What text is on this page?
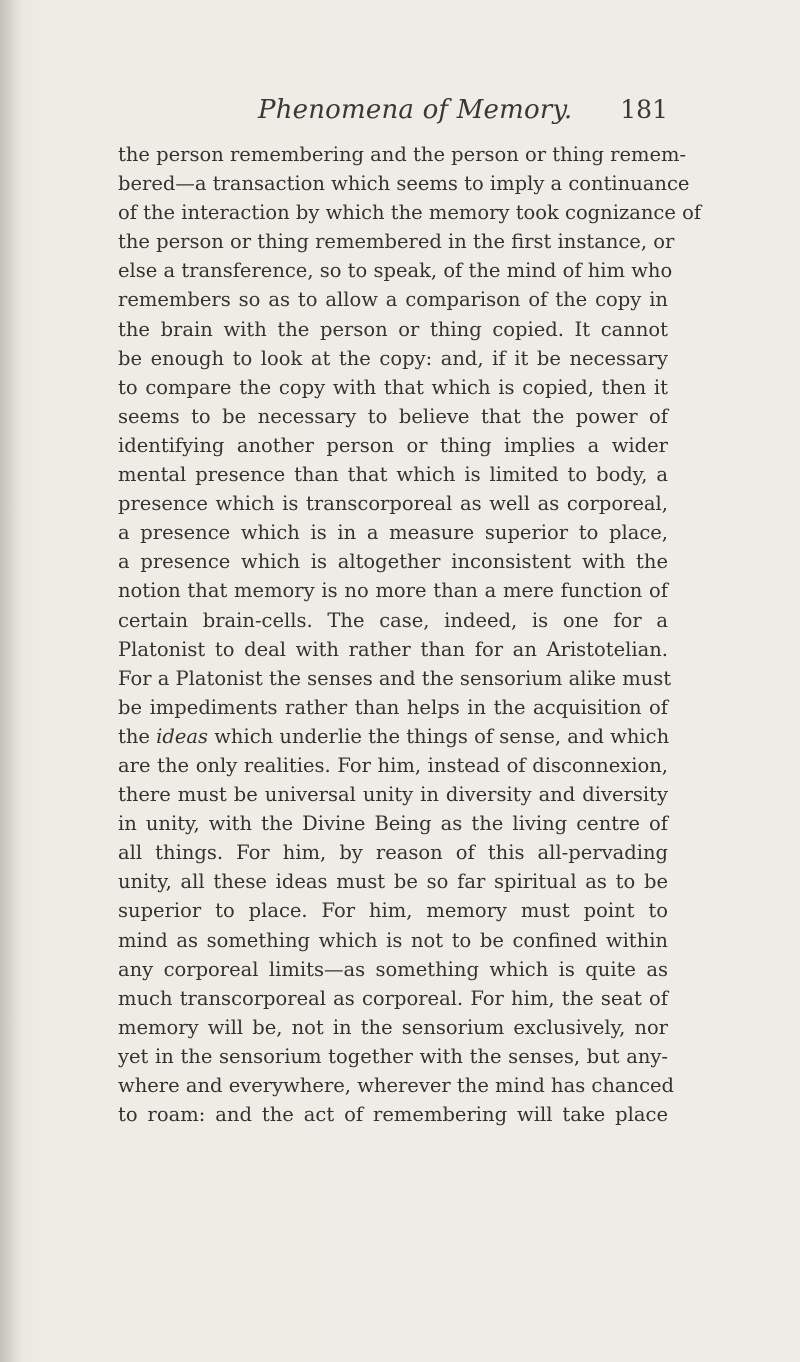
Phenomena of Memory. 181
the person remembering and the person or thing remem-
bered—a transaction which seems to imply a continuance
of the interaction by which the memory took cognizance of
the person or thing remembered in the first instance, or
else a transference, so to speak, of the mind of him who
remembers so as to allow a comparison of the copy in
the brain with the person or thing copied. It cannot
be enough to look at the copy: and, if it be necessary
to compare the copy with that which is copied, then it
seems to be necessary to believe that the power of
identifying another person or thing implies a wider
mental presence than that which is limited to body, a
presence which is transcorporeal as well as corporeal,
a presence which is in a measure superior to place,
a presence which is altogether inconsistent with the
notion that memory is no more than a mere function of
certain brain-cells. The case, indeed, is one for a
Platonist to deal with rather than for an Aristotelian.
For a Platonist the senses and the sensorium alike must
be impediments rather than helps in the acquisition of
the ideas which underlie the things of sense, and which
are the only realities. For him, instead of disconnexion,
there must be universal unity in diversity and diversity
in unity, with the Divine Being as the living centre of
all things. For him, by reason of this all-pervading
unity, all these ideas must be so far spiritual as to be
superior to place. For him, memory must point to
mind as something which is not to be confined within
any corporeal limits—as something which is quite as
much transcorporeal as corporeal. For him, the seat of
memory will be, not in the sensorium exclusively, nor
yet in the sensorium together with the senses, but any-
where and everywhere, wherever the mind has chanced
to roam: and the act of remembering will take place
